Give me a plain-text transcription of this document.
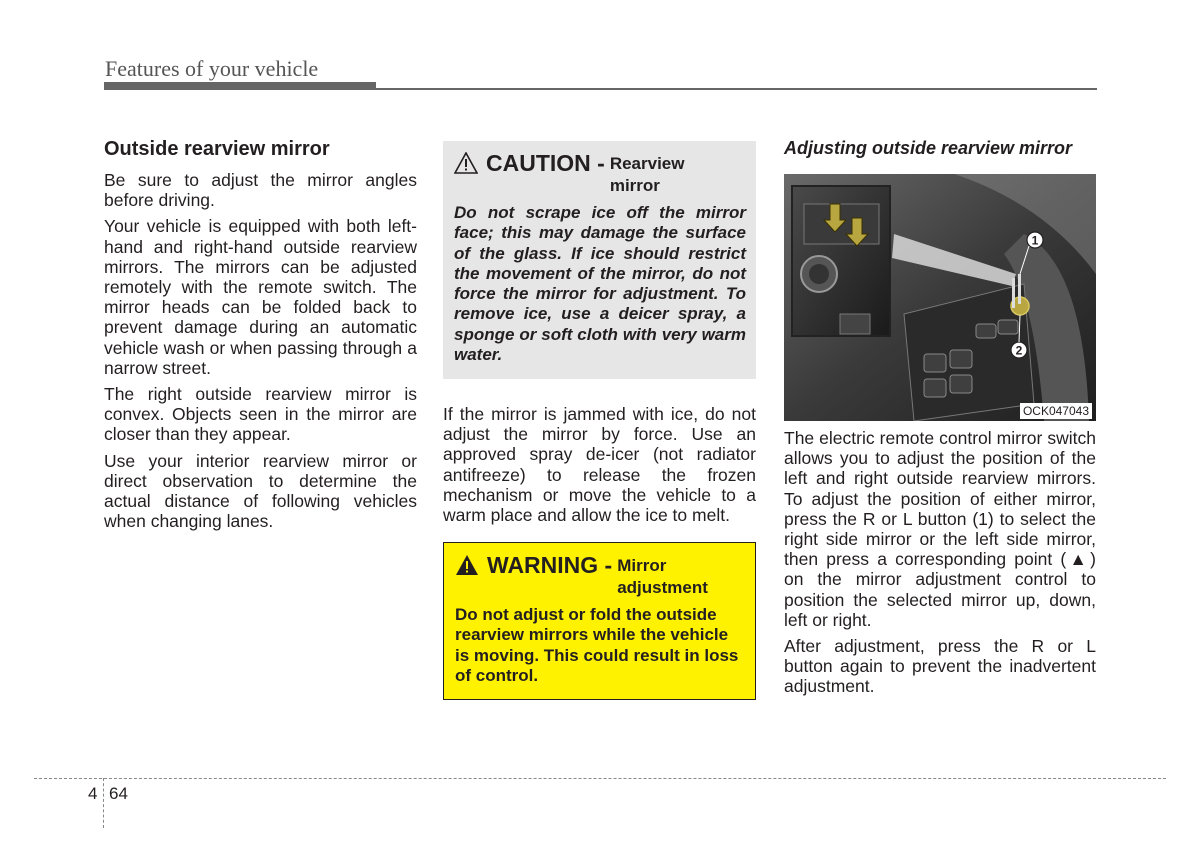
Features of your vehicle
Outside rearview mirror

Be sure to adjust the mirror angles before driving.

Your vehicle is equipped with both left-hand and right-hand outside rearview mirrors. The mirrors can be adjusted remotely with the remote switch. The mirror heads can be folded back to prevent damage during an automatic vehicle wash or when passing through a narrow street.

The right outside rearview mirror is convex. Objects seen in the mirror are closer than they appear.

Use your interior rearview mirror or direct observation to determine the actual distance of following vehicles when changing lanes.

CAUTION - Rearview
mirror
Do not scrape ice off the mirror face; this may damage the surface of the glass. If ice should restrict the movement of the mirror, do not force the mirror for adjustment. To remove ice, use a deicer spray, a sponge or soft cloth with very warm water.

If the mirror is jammed with ice, do not adjust the mirror by force. Use an approved spray de-icer (not radiator antifreeze) to release the frozen mechanism or move the vehicle to a warm place and allow the ice to melt.

WARNING - Mirror
adjustment
Do not adjust or fold the outside rearview mirrors while the vehicle is moving. This could result in loss of control.
Adjusting outside rearview mirror
1
2
OCK047043

The electric remote control mirror switch allows you to adjust the position of the left and right outside rearview mirrors. To adjust the position of either mirror, press the R or L button (1) to select the right side mirror or the left side mirror, then press a corresponding point (▲) on the mirror adjustment control to position the selected mirror up, down, left or right.

After adjustment, press the R or L button again to prevent the inadvertent adjustment.

4 64
